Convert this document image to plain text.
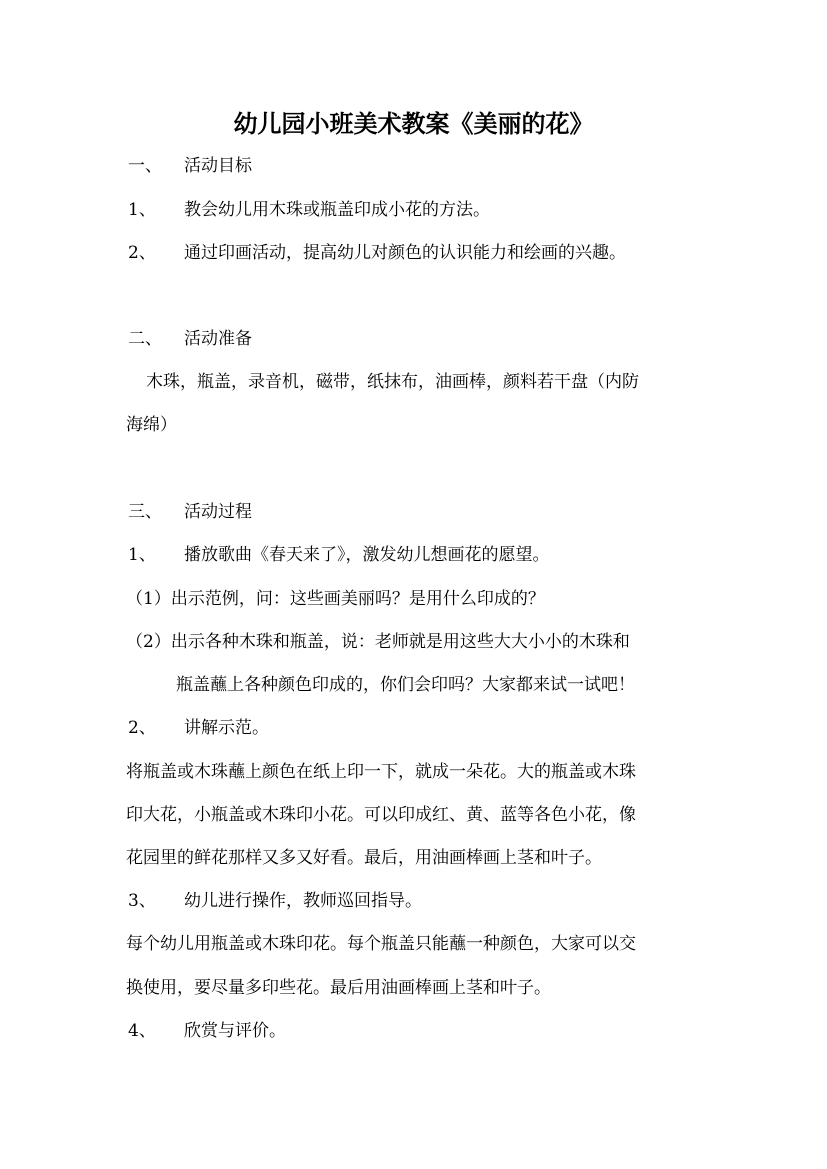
幼儿园小班美术教案《美丽的花》
一、 活动目标
1、 教会幼儿用木珠或瓶盖印成小花的方法。
2、 通过印画活动，提高幼儿对颜色的认识能力和绘画的兴趣。
二、 活动准备
木珠，瓶盖，录音机，磁带，纸抹布，油画棒，颜料若干盘（内防
海绵）
三、 活动过程
1、 播放歌曲《春天来了》，激发幼儿想画花的愿望。
（1）出示范例，问：这些画美丽吗？是用什么印成的？
（2）出示各种木珠和瓶盖，说：老师就是用这些大大小小的木珠和
瓶盖蘸上各种颜色印成的，你们会印吗？大家都来试一试吧！
2、 讲解示范。
将瓶盖或木珠蘸上颜色在纸上印一下，就成一朵花。大的瓶盖或木珠
印大花，小瓶盖或木珠印小花。可以印成红、黄、蓝等各色小花，像
花园里的鲜花那样又多又好看。最后，用油画棒画上茎和叶子。
3、 幼儿进行操作，教师巡回指导。
每个幼儿用瓶盖或木珠印花。每个瓶盖只能蘸一种颜色，大家可以交
换使用，要尽量多印些花。最后用油画棒画上茎和叶子。
4、 欣赏与评价。
